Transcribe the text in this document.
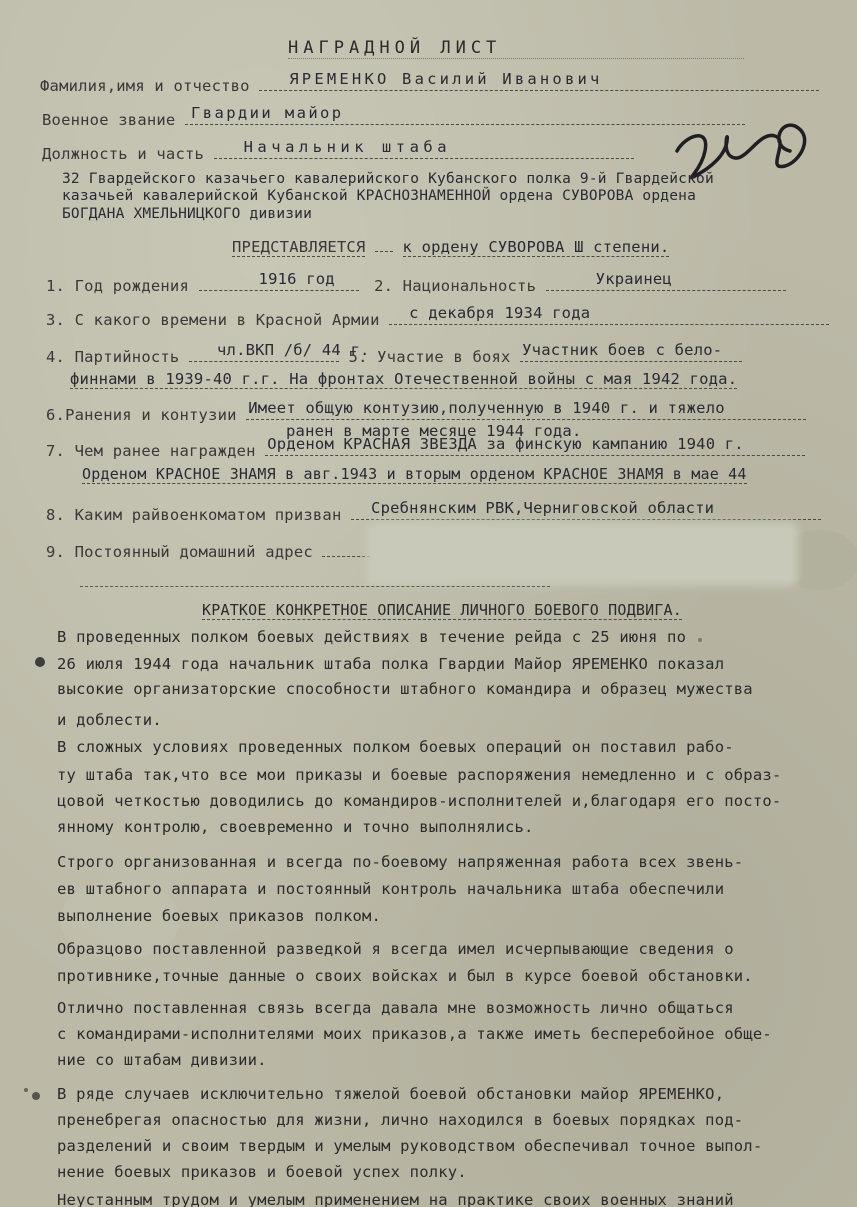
НАГРАДНОЙ ЛИСТ
Фамилия,имя и отчество	ЯРЕМЕНКО Василий Иванович
Военное звание Гвардии майор
Должность и часть	Начальник штаба
32 Гвардейского казачьего кавалерийского Кубанского полка 9-й Гвардейской
казачьей кавалерийской Кубанской КРАСНОЗНАМЕННОЙ ордена СУВОРОВА ордена
БОГДАНА ХМЕЛЬНИЦКОГО дивизии
ПРЕДСТАВЛЯЕТСЯ к ордену СУВОРОВА Ш степени.
1. Год рождения	1916 год	2. Национальность	Украинец
3. С какого времени в Красной Армии с декабря 1934 года
4. Партийность чл.ВКП /б/ 44 г.
5. Участие в боях Участник боев с бело-
финнами в 1939-40 г.г. На фронтах Отечественной войны с мая 1942 года.
6.Ранения и контузии Имеет общую контузию,полученную в 1940 г. и тяжело
ранен в марте месяце 1944 года.
7. Чем ранее награжден Орденом КРАСНАЯ ЗВЕЗДА за финскую кампанию 1940 г.
Орденом КРАСНОЕ ЗНАМЯ в авг.1943 и вторым орденом КРАСНОЕ ЗНАМЯ в мае 44
8. Каким райвоенкоматом призван Сребнянским РВК,Черниговской области
9. Постоянный домашний адрес
КРАТКОЕ КОНКРЕТНОЕ ОПИСАНИЕ ЛИЧНОГО БОЕВОГО ПОДВИГА.
В проведенных полком боевых действиях в течение рейда с 25 июня по
26 июля 1944 года начальник штаба полка Гвардии Майор ЯРЕМЕНКО показал
высокие организаторские способности штабного командира и образец мужества
и доблести.
В сложных условиях проведенных полком боевых операций он поставил рабо-
ту штаба так,что все мои приказы и боевые распоряжения немедленно и с образ-
цовой четкостью доводились до командиров-исполнителей и,благодаря его посто-
янному контролю, своевременно и точно выполнялись.
Строго организованная и всегда по-боевому напряженная работа всех звень-
ев штабного аппарата и постоянный контроль начальника штаба обеспечили
выполнение боевых приказов полком.
Образцово поставленной разведкой я всегда имел исчерпывающие сведения о
противнике,точные данные о своих войсках и был в курсе боевой обстановки.
Отлично поставленная связь всегда давала мне возможность лично общаться
с командирами-исполнителями моих приказов,а также иметь бесперебойное обще-
ние со штабам дивизии.
В ряде случаев исключительно тяжелой боевой обстановки майор ЯРЕМЕНКО,
пренебрегая опасностью для жизни, лично находился в боевых порядках под-
разделений и своим твердым и умелым руководством обеспечивал точное выпол-
нение боевых приказов и боевой успех полку.
Неустанным трудом и умелым применением на практике своих военных знаний
